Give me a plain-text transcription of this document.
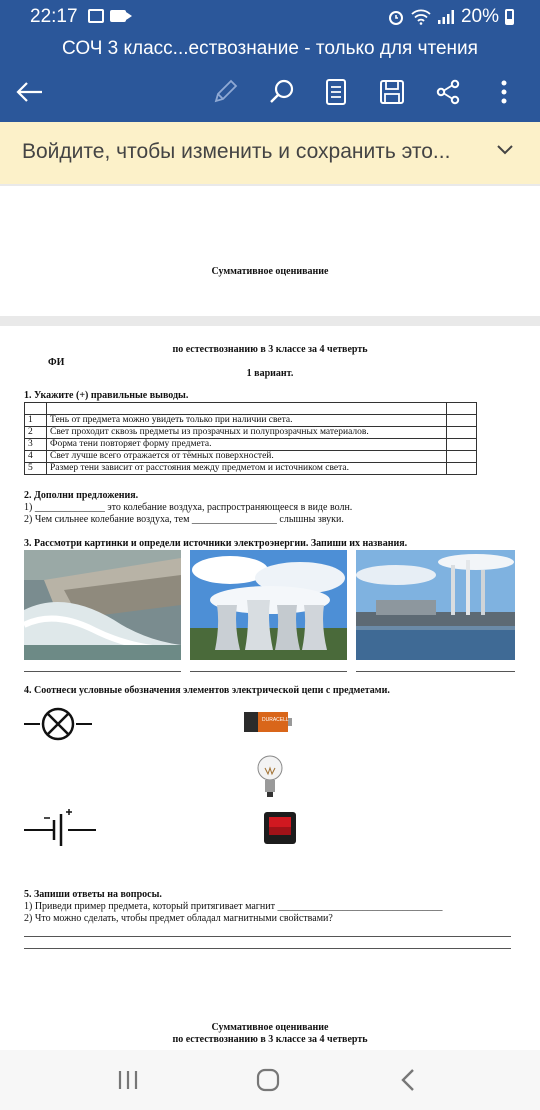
22:17	20%
СОЧ 3 класс...ествознание - только для чтения
Войдите, чтобы изменить и сохранить это...
Суммативное оценивание
по естествознанию в 3 классе за 4 четверть
ФИ
1 вариант.
1. Укажите (+) правильные выводы.

1	Тень от предмета можно увидеть только при наличии света.	
2	Свет проходит сквозь предметы из прозрачных и полупрозрачных материалов.	
3	Форма тени повторяет форму предмета.	
4	Свет лучше всего отражается от тёмных поверхностей.	
5	Размер тени зависит от расстояния между предметом и источником света.	
2. Дополни предложения.
1) ______________ это колебание воздуха, распространяющееся в виде волн.
2) Чем сильнее колебание воздуха, тем _________________ слышны звуки.
3. Рассмотри картинки и определи источники электроэнергии. Запиши их названия.
4. Соотнеси условные обозначения элементов электрической цепи с предметами.
DURACELL
5. Запиши ответы на вопросы.
1) Приведи пример предмета, который притягивает магнит _________________________________
2) Что можно сделать, чтобы предмет обладал магнитными свойствами?
Суммативное оценивание
по естествознанию в 3 классе за 4 четверть
